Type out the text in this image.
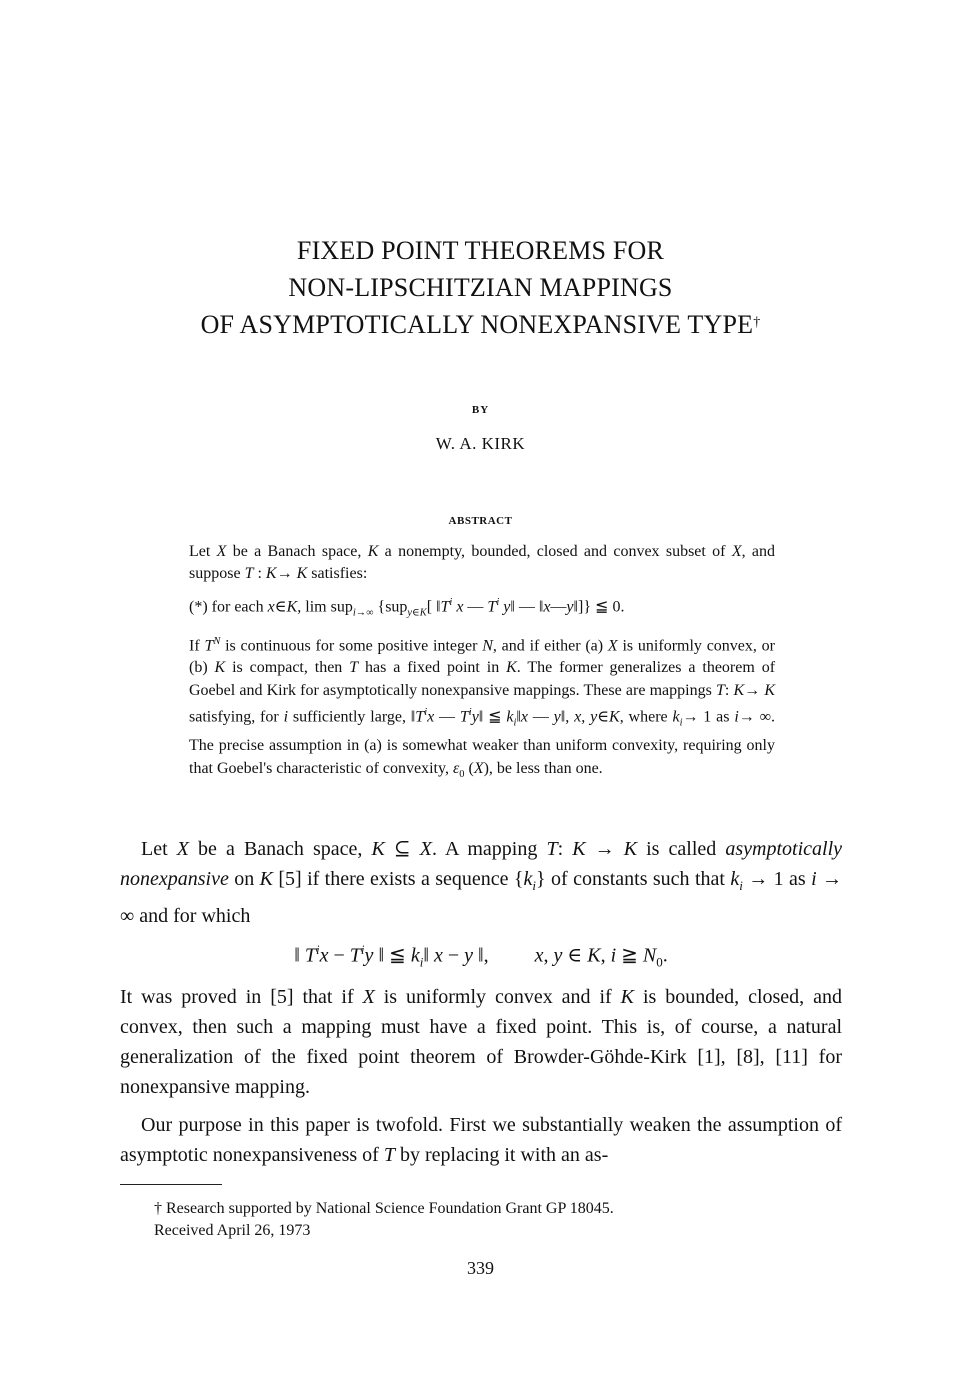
FIXED POINT THEOREMS FOR
NON-LIPSCHITZIAN MAPPINGS
OF ASYMPTOTICALLY NONEXPANSIVE TYPE†
BY
W. A. KIRK
ABSTRACT

Let X be a Banach space, K a nonempty, bounded, closed and convex subset of X, and suppose T : K→ K satisfies:

(*) for each x∈K, lim sup$_{i\to\infty}$ {sup$_{y\in K}$[ $‖T^i$ x — $T^i$ y‖ — ‖x—y‖]} ≦ 0.

If $T^N$ is continuous for some positive integer N, and if either (a) X is uniformly convex, or (b) K is compact, then T has a fixed point in K. The former generalizes a theorem of Goebel and Kirk for asymptotically nonexpansive mappings. These are mappings T: K→ K satisfying, for i sufficiently large, $‖T^ix$ — $T^iy‖$ ≦ $k_i‖x$ — y‖, x, y∈K, where $k_i\to 1$ as i→ ∞. The precise assumption in (a) is somewhat weaker than uniform convexity, requiring only that Goebel's characteristic of convexity, $\varepsilon_0$ (X), be less than one.

Let X be a Banach space, K ⊆ X. A mapping T: K → K is called asymptotically nonexpansive on K [5] if there exists a sequence $\{k_i\}$ of constants such that $k_i \to 1$ as i → ∞ and for which

‖ $T^ix - T^iy$ ‖ ≦ $k_i‖$ x − y ‖, x, y ∈ K, i ≧ $N_0$.

It was proved in [5] that if X is uniformly convex and if K is bounded, closed, and convex, then such a mapping must have a fixed point. This is, of course, a natural generalization of the fixed point theorem of Browder-Göhde-Kirk [1], [8], [11] for nonexpansive mapping.

Our purpose in this paper is twofold. First we substantially weaken the assumption of asymptotic nonexpansiveness of T by replacing it with an as-

† Research supported by National Science Foundation Grant GP 18045.
Received April 26, 1973
339
